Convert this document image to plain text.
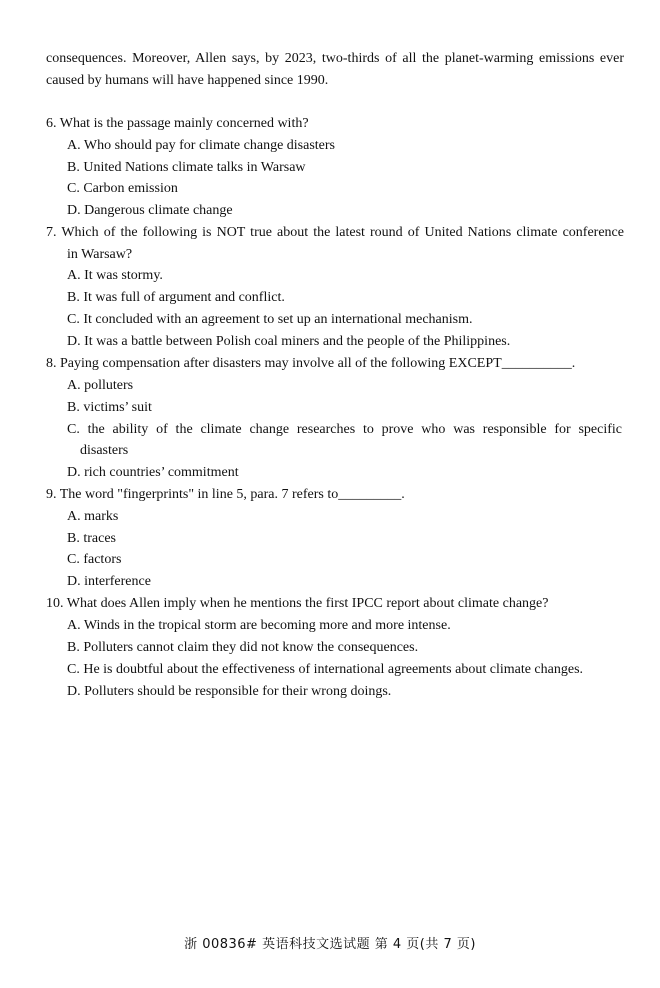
consequences. Moreover, Allen says, by 2023, two-thirds of all the planet-warming emissions ever
caused by humans will have happened since 1990.
6. What is the passage mainly concerned with?
A. Who should pay for climate change disasters
B. United Nations climate talks in Warsaw
C. Carbon emission
D. Dangerous climate change
7. Which of the following is NOT true about the latest round of United Nations climate conference
in Warsaw?
A. It was stormy.
B. It was full of argument and conflict.
C. It concluded with an agreement to set up an international mechanism.
D. It was a battle between Polish coal miners and the people of the Philippines.
8. Paying compensation after disasters may involve all of the following EXCEPT__________.
A. polluters
B. victims’ suit
C. the ability of the climate change researches to prove who was responsible for specific
disasters
D. rich countries’ commitment
9. The word "fingerprints" in line 5, para. 7 refers to_________.
A. marks
B. traces
C. factors
D. interference
10. What does Allen imply when he mentions the first IPCC report about climate change?
A. Winds in the tropical storm are becoming more and more intense.
B. Polluters cannot claim they did not know the consequences.
C. He is doubtful about the effectiveness of international agreements about climate changes.
D. Polluters should be responsible for their wrong doings.
浙 00836# 英语科技文选试题 第 4 页(共 7 页)
